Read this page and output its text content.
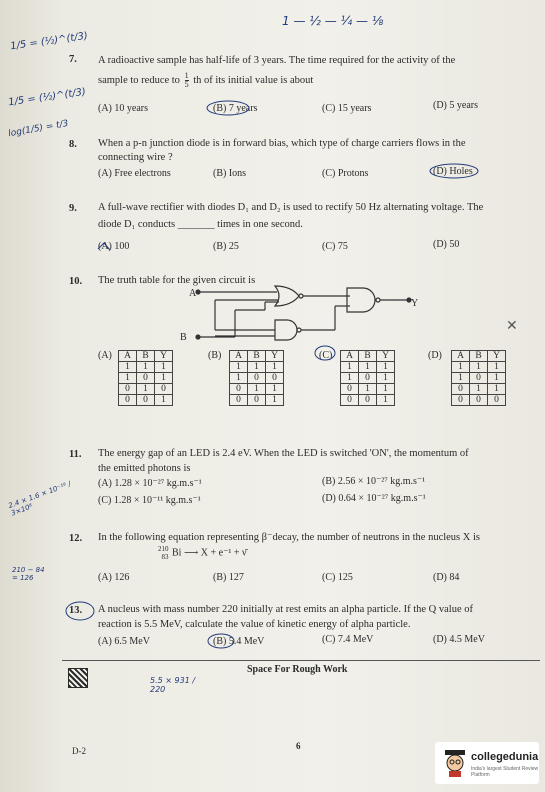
1 — ½ — ¼ — ⅛
1/5 = (½)^(t/3)
1/5 = (½)^(t/3)
log(1/5) = t/3
7. A radioactive sample has half-life of 3 years. The time required for the activity of the
sample to reduce to $\frac{1}{5}$ th of its initial value is about
(A) 10 years	(B) 7 years	(C) 15 years	(D) 5 years
8. When a p-n junction diode is in forward bias, which type of charge carriers flows in the
connecting wire ?
(A) Free electrons	(B) Ions	(C) Protons	(D) Holes
9. A full-wave rectifier with diodes D₁ and D₂ is used to rectify 50 Hz alternating voltage. The
diode D₁ conducts _______ times in one second.
(A) 100	(B) 25	(C) 75	(D) 50
10. The truth table for the given circuit is
A
B
Y
✕
(A)	(B)	(C)	(D)
A	B	Y
1	1	1
1	0	1
0	1	0
0	0	1
A	B	Y
1	1	1
1	0	0
0	1	1
0	0	1
A	B	Y
1	1	1
1	0	1
0	1	1
0	0	1
A	B	Y
1	1	1
1	0	1
0	1	1
0	0	0
11. The energy gap of an LED is 2.4 eV. When the LED is switched 'ON', the momentum of
the emitted photons is
(A) 1.28 × 10⁻²⁷ kg.m.s⁻¹	(B) 2.56 × 10⁻²⁷ kg.m.s⁻¹
(C) 1.28 × 10⁻¹¹ kg.m.s⁻¹	(D) 0.64 × 10⁻²⁷ kg.m.s⁻¹
2.4 × 1.6 × 10⁻¹⁹ / 3×10⁸
12. In the following equation representing β⁻decay, the number of neutrons in the nucleus X is
210
83 Bi ⟶ X + e⁻¹ + ν̄
(A) 126	(B) 127	(C) 125	(D) 84
210 − 84 = 126
13. A nucleus with mass number 220 initially at rest emits an alpha particle. If the Q value of
reaction is 5.5 MeV, calculate the value of kinetic energy of alpha particle.
(A) 6.5 MeV	(B) 5.4 MeV	(C) 7.4 MeV	(D) 4.5 MeV
Space For Rough Work
5.5 × 931 / 220
D-2	6
collegedunia
India's largest Student Review Platform
